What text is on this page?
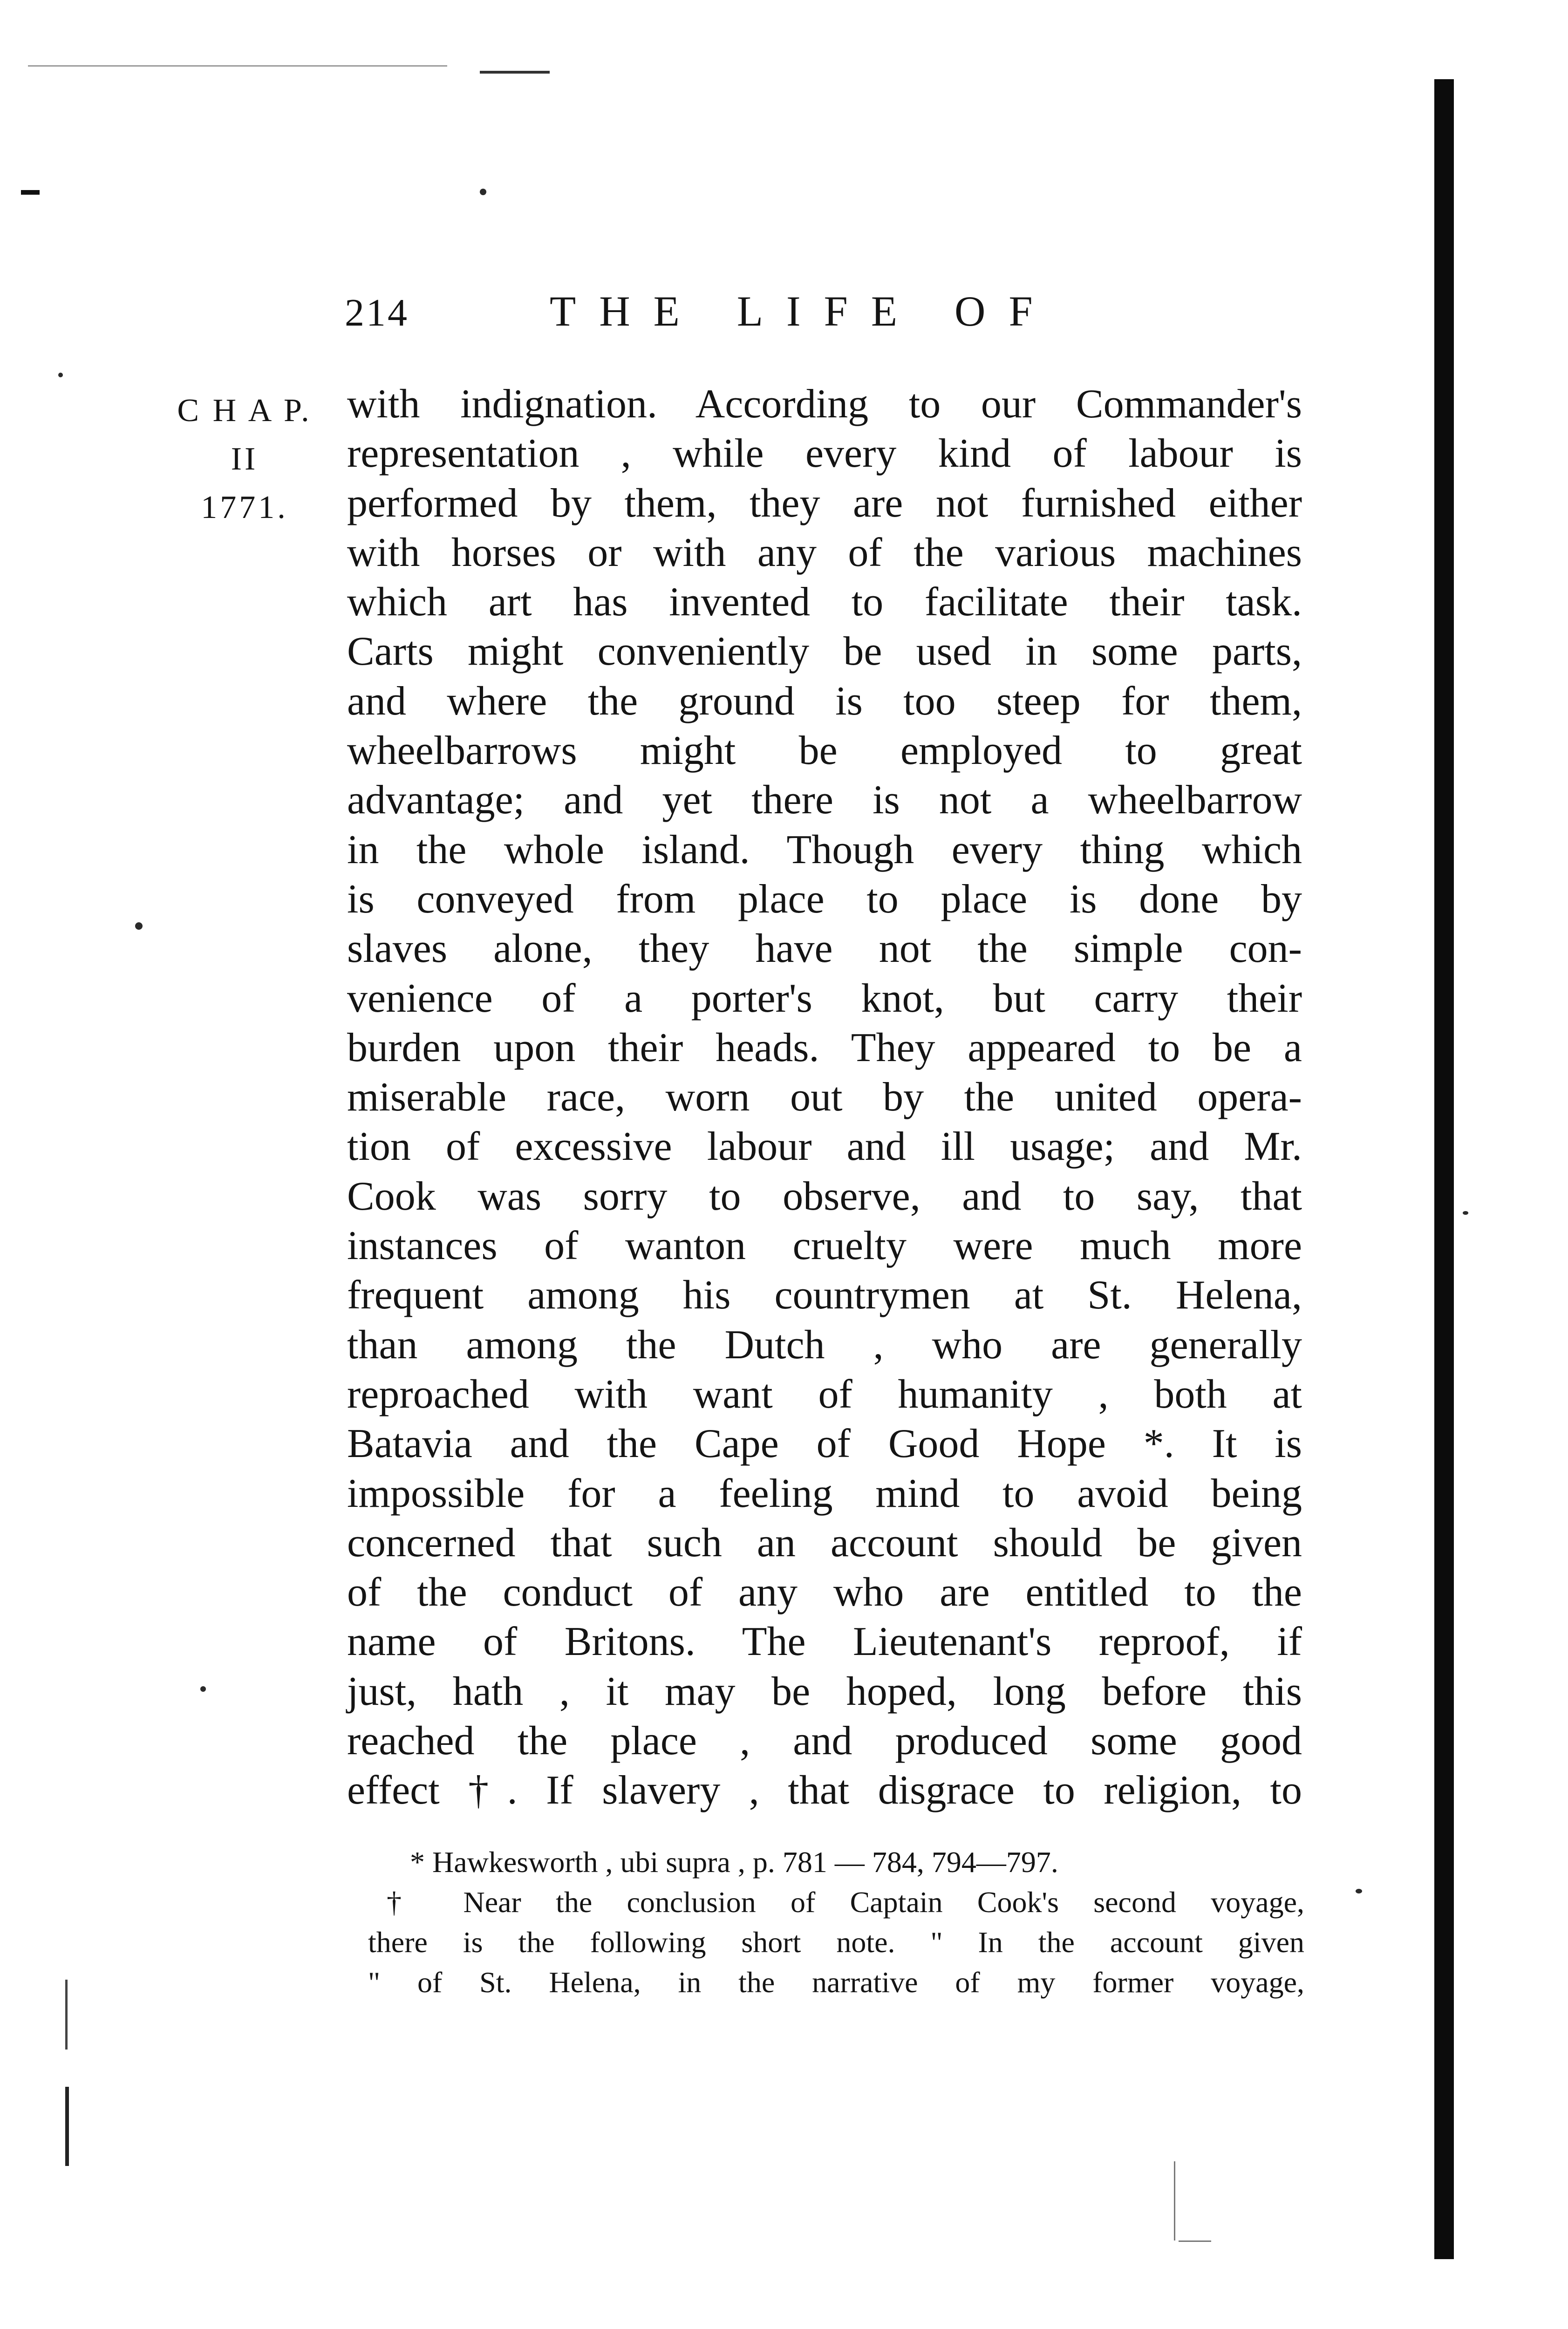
214	THE LIFE OF
C H A P.
II
1771.
with indignation. According to our Commander's
representation , while every kind of labour is
performed by them, they are not furnished either
with horses or with any of the various machines
which art has invented to facilitate their task.
Carts might conveniently be used in some parts,
and where the ground is too steep for them,
wheelbarrows might be employed to great
advantage; and yet there is not a wheelbarrow
in the whole island. Though every thing which
is conveyed from place to place is done by
slaves alone, they have not the simple con-
venience of a porter's knot, but carry their
burden upon their heads. They appeared to be a
miserable race, worn out by the united opera-
tion of excessive labour and ill usage; and Mr.
Cook was sorry to observe, and to say, that
instances of wanton cruelty were much more
frequent among his countrymen at St. Helena,
than among the Dutch , who are generally
reproached with want of humanity , both at
Batavia and the Cape of Good Hope *. It is
impossible for a feeling mind to avoid being
concerned that such an account should be given
of the conduct of any who are entitled to the
name of Britons. The Lieutenant's reproof, if
just, hath , it may be hoped, long before this
reached the place , and produced some good
effect †. If slavery , that disgrace to religion, to
* Hawkesworth , ubi supra , p. 781 — 784, 794—797.
† Near the conclusion of Captain Cook's second voyage,
there is the following short note. " In the account given
" of St. Helena, in the narrative of my former voyage,
